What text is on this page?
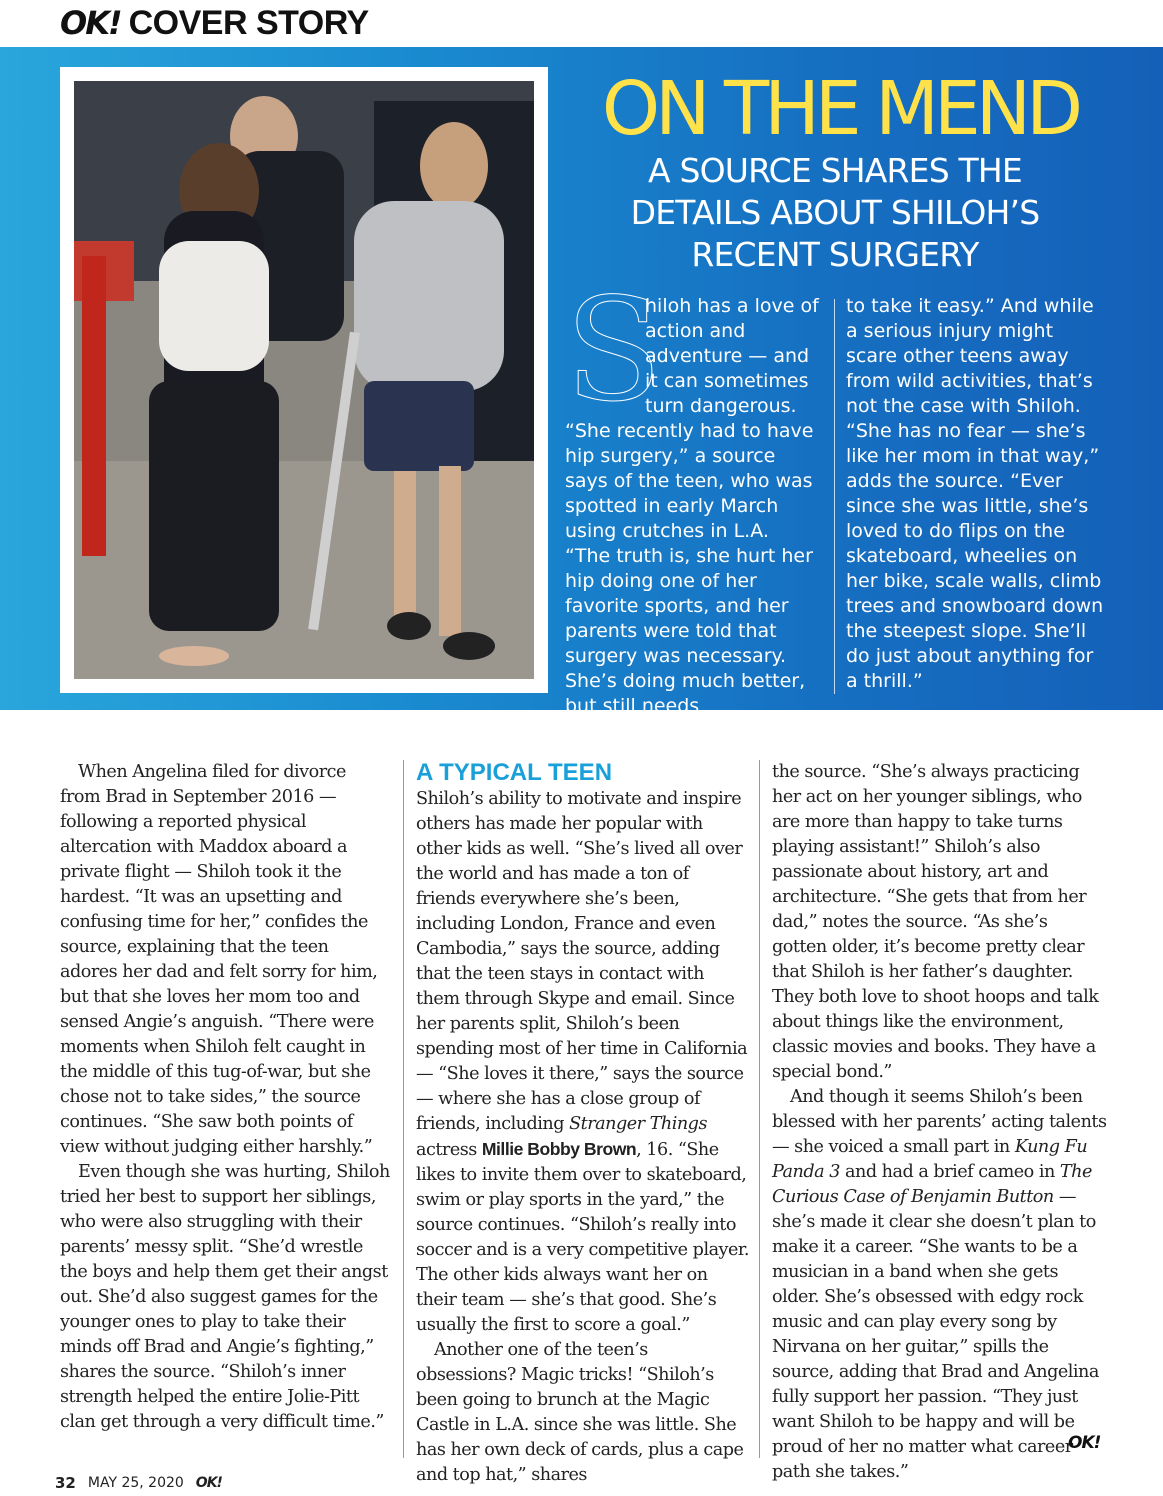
OK! COVER STORY
ON THE MEND
A SOURCE SHARES THE DETAILS ABOUT SHILOH’S RECENT SURGERY
S

hiloh has a love of action and adventure — and it can sometimes turn dangerous. “She recently had to have hip surgery,” a source says of the teen, who was spotted in early March using crutches in L.A. “The truth is, she hurt her hip doing one of her favorite sports, and her parents were told that surgery was necessary. She’s doing much better, but still needs

to take it easy.” And while a serious injury might scare other teens away from wild activities, that’s not the case with Shiloh. “She has no fear — she’s like her mom in that way,” adds the source. “Ever since she was little, she’s loved to do flips on the skateboard, wheelies on her bike, scale walls, climb trees and snowboard down the steepest slope. She’ll do just about anything for a thrill.”

When Angelina filed for divorce from Brad in September 2016 — following a reported physical altercation with Maddox aboard a private flight — Shiloh took it the hardest. “It was an upsetting and confusing time for her,” confides the source, explaining that the teen adores her dad and felt sorry for him, but that she loves her mom too and sensed Angie’s anguish. “There were moments when Shiloh felt caught in the middle of this tug-of-war, but she chose not to take sides,” the source continues. “She saw both points of view without judging either harshly.”

Even though she was hurting, Shiloh tried her best to support her siblings, who were also struggling with their parents’ messy split. “She’d wrestle the boys and help them get their angst out. She’d also suggest games for the younger ones to play to take their minds off Brad and Angie’s fighting,” shares the source. “Shiloh’s inner strength helped the entire Jolie-Pitt clan get through a very difficult time.”

A TYPICAL TEEN

Shiloh’s ability to motivate and inspire others has made her popular with other kids as well. “She’s lived all over the world and has made a ton of friends everywhere she’s been, including London, France and even Cambodia,” says the source, adding that the teen stays in contact with them through Skype and email. Since her parents split, Shiloh’s been spending most of her time in California — “She loves it there,” says the source — where she has a close group of friends, including Stranger Things actress Millie Bobby Brown, 16. “She likes to invite them over to skateboard, swim or play sports in the yard,” the source continues. “Shiloh’s really into soccer and is a very competitive player. The other kids always want her on their team — she’s that good. She’s usually the first to score a goal.”

Another one of the teen’s obsessions? Magic tricks! “Shiloh’s been going to brunch at the Magic Castle in L.A. since she was little. She has her own deck of cards, plus a cape and top hat,” shares

the source. “She’s always practicing her act on her younger siblings, who are more than happy to take turns playing assistant!” Shiloh’s also passionate about history, art and architecture. “She gets that from her dad,” notes the source. “As she’s gotten older, it’s become pretty clear that Shiloh is her father’s daughter. They both love to shoot hoops and talk about things like the environment, classic movies and books. They have a special bond.”

And though it seems Shiloh’s been blessed with her parents’ acting talents — she voiced a small part in Kung Fu Panda 3 and had a brief cameo in The Curious Case of Benjamin Button — she’s made it clear she doesn’t plan to make it a career. “She wants to be a musician in a band when she gets older. She’s obsessed with edgy rock music and can play every song by Nirvana on her guitar,” spills the source, adding that Brad and Angelina fully support her passion. “They just want Shiloh to be happy and will be proud of her no matter what career path she takes.”

OK!
32 MAY 25, 2020 OK!
